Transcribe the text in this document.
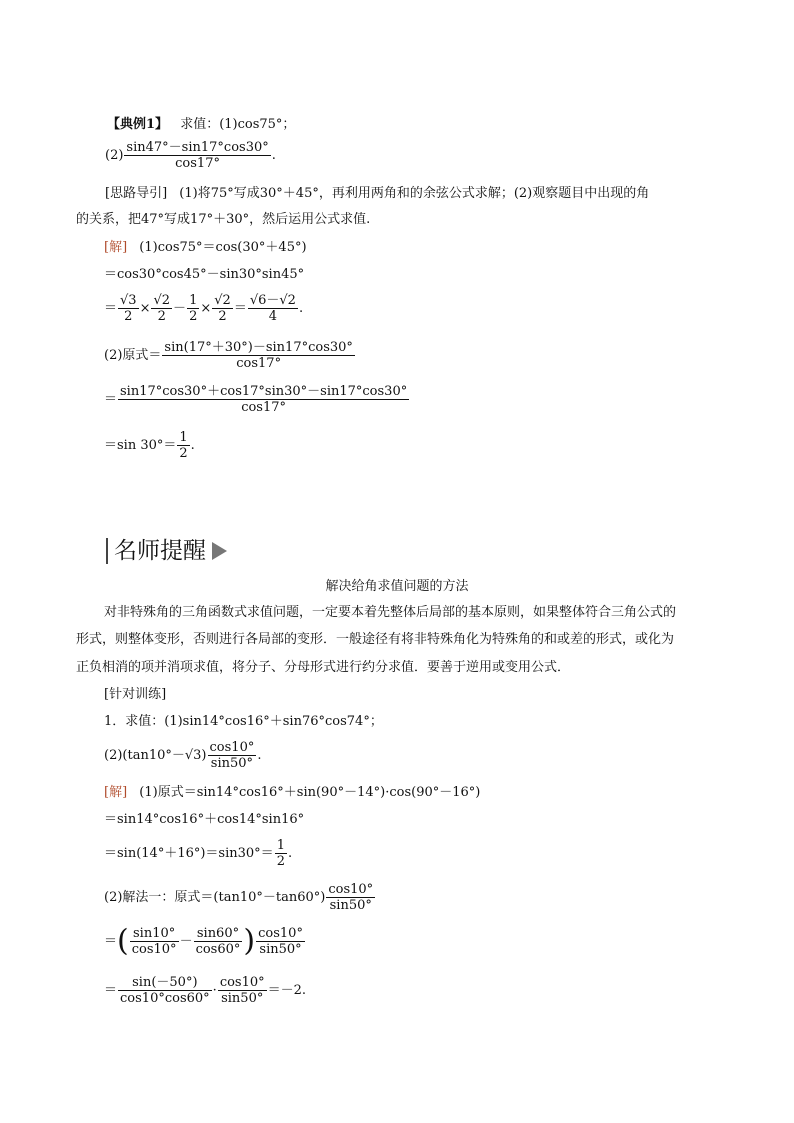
【典例1】 求值：(1)cos75°；
$(2) \frac{\sin 47^\circ-\sin 17^\circ\cos 30^\circ}{\cos 17^\circ}$ .
[思路导引] (1)将75°写成30°＋45°，再利用两角和的余弦公式求解；(2)观察题目中出现的角
的关系，把47°写成17°＋30°，然后运用公式求值.
[解] (1)cos75°＝cos(30°＋45°)
＝cos30°cos45°－sin30°sin45°
＝ $\frac{√3}{2} \times \frac{√2}{2} - \frac{1}{2} \times \frac{√2}{2} = \frac{√6-√2}{4}$ .
(2)原式＝ $\frac{\sin(17^\circ+30^\circ)-\sin 17^\circ\cos 30^\circ}{\cos 17^\circ}$
＝ $\frac{\sin 17^\circ\cos 30^\circ+\cos 17^\circ\sin 30^\circ-\sin 17^\circ\cos 30^\circ}{\cos 17^\circ}$
＝sin $30^\circ= \frac{1}{2}$ .
名师提醒
解决给角求值问题的方法
对非特殊角的三角函数式求值问题，一定要本着先整体后局部的基本原则，如果整体符合三角公式的
形式，则整体变形，否则进行各局部的变形．一般途径有将非特殊角化为特殊角的和或差的形式，或化为
正负相消的项并消项求值，将分子、分母形式进行约分求值．要善于逆用或变用公式．
[针对训练]
1．求值：(1)sin14°cos16°＋sin76°cos74°；
$(2)(\tan 10^\circ-√3) \frac{\cos 10^\circ}{\sin 50^\circ}$ .
[解] (1)原式＝sin14°cos16°＋sin(90°－14°)·cos(90°－16°)
＝sin14°cos16°＋cos14°sin16°
$=\sin(14^\circ+16^\circ)=\sin 30^\circ= \frac{1}{2}$ .
(2)解法一：原式$=(\tan 10^\circ-\tan 60^\circ) \frac{\cos 10^\circ}{\sin 50^\circ}$
＝( $\frac{\sin 10^\circ}{\cos 10^\circ} - \frac{\sin 60^\circ}{\cos 60^\circ}$ ) $\frac{\cos 10^\circ}{\sin 50^\circ}$
＝ $\frac{\sin(-50^\circ)}{\cos 10^\circ\cos 60^\circ} \cdot \frac{\cos 10^\circ}{\sin 50^\circ} =-2$.
